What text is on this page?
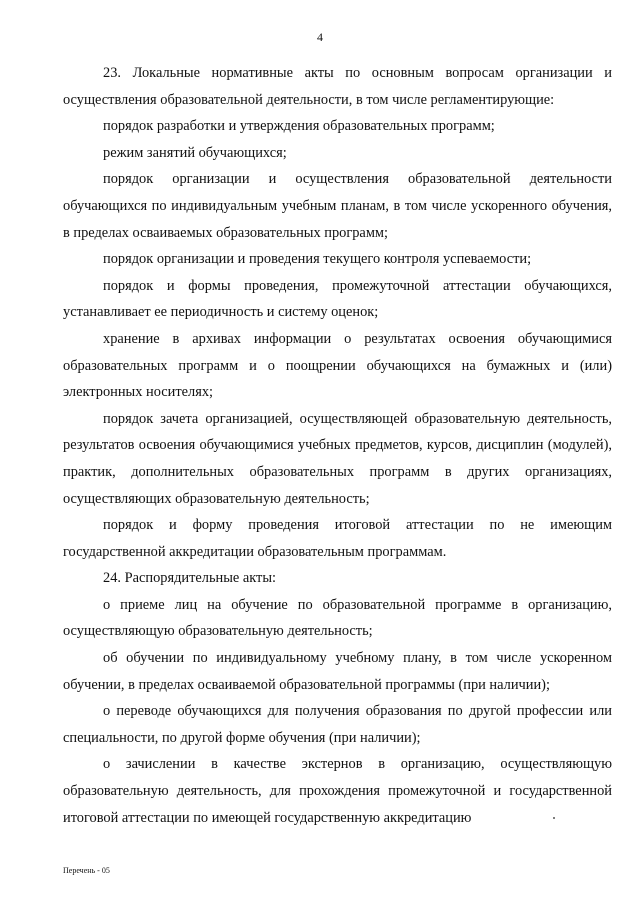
4

23. Локальные нормативные акты по основным вопросам организации и осуществления образовательной деятельности, в том числе регламентирующие:

порядок разработки и утверждения образовательных программ;

режим занятий обучающихся;

порядок организации и осуществления образовательной деятельности обучающихся по индивидуальным учебным планам, в том числе ускоренного обучения, в пределах осваиваемых образовательных программ;

порядок организации и проведения текущего контроля успеваемости;

порядок и формы проведения, промежуточной аттестации обучающихся, устанавливает ее периодичность и систему оценок;

хранение в архивах информации о результатах освоения обучающимися образовательных программ и о поощрении обучающихся на бумажных и (или) электронных носителях;

порядок зачета организацией, осуществляющей образовательную деятельность, результатов освоения обучающимися учебных предметов, курсов, дисциплин (модулей), практик, дополнительных образовательных программ в других организациях, осуществляющих образовательную деятельность;

порядок и форму проведения итоговой аттестации по не имеющим государственной аккредитации образовательным программам.

24. Распорядительные акты:

о приеме лиц на обучение по образовательной программе в организацию, осуществляющую образовательную деятельность;

об обучении по индивидуальному учебному плану, в том числе ускоренном обучении, в пределах осваиваемой образовательной программы (при наличии);

о переводе обучающихся для получения образования по другой профессии или специальности, по другой форме обучения (при наличии);

о зачислении в качестве экстернов в организацию, осуществляющую образовательную деятельность, для прохождения промежуточной и государственной итоговой аттестации по имеющей государственную аккредитацию

Перечень - 05
